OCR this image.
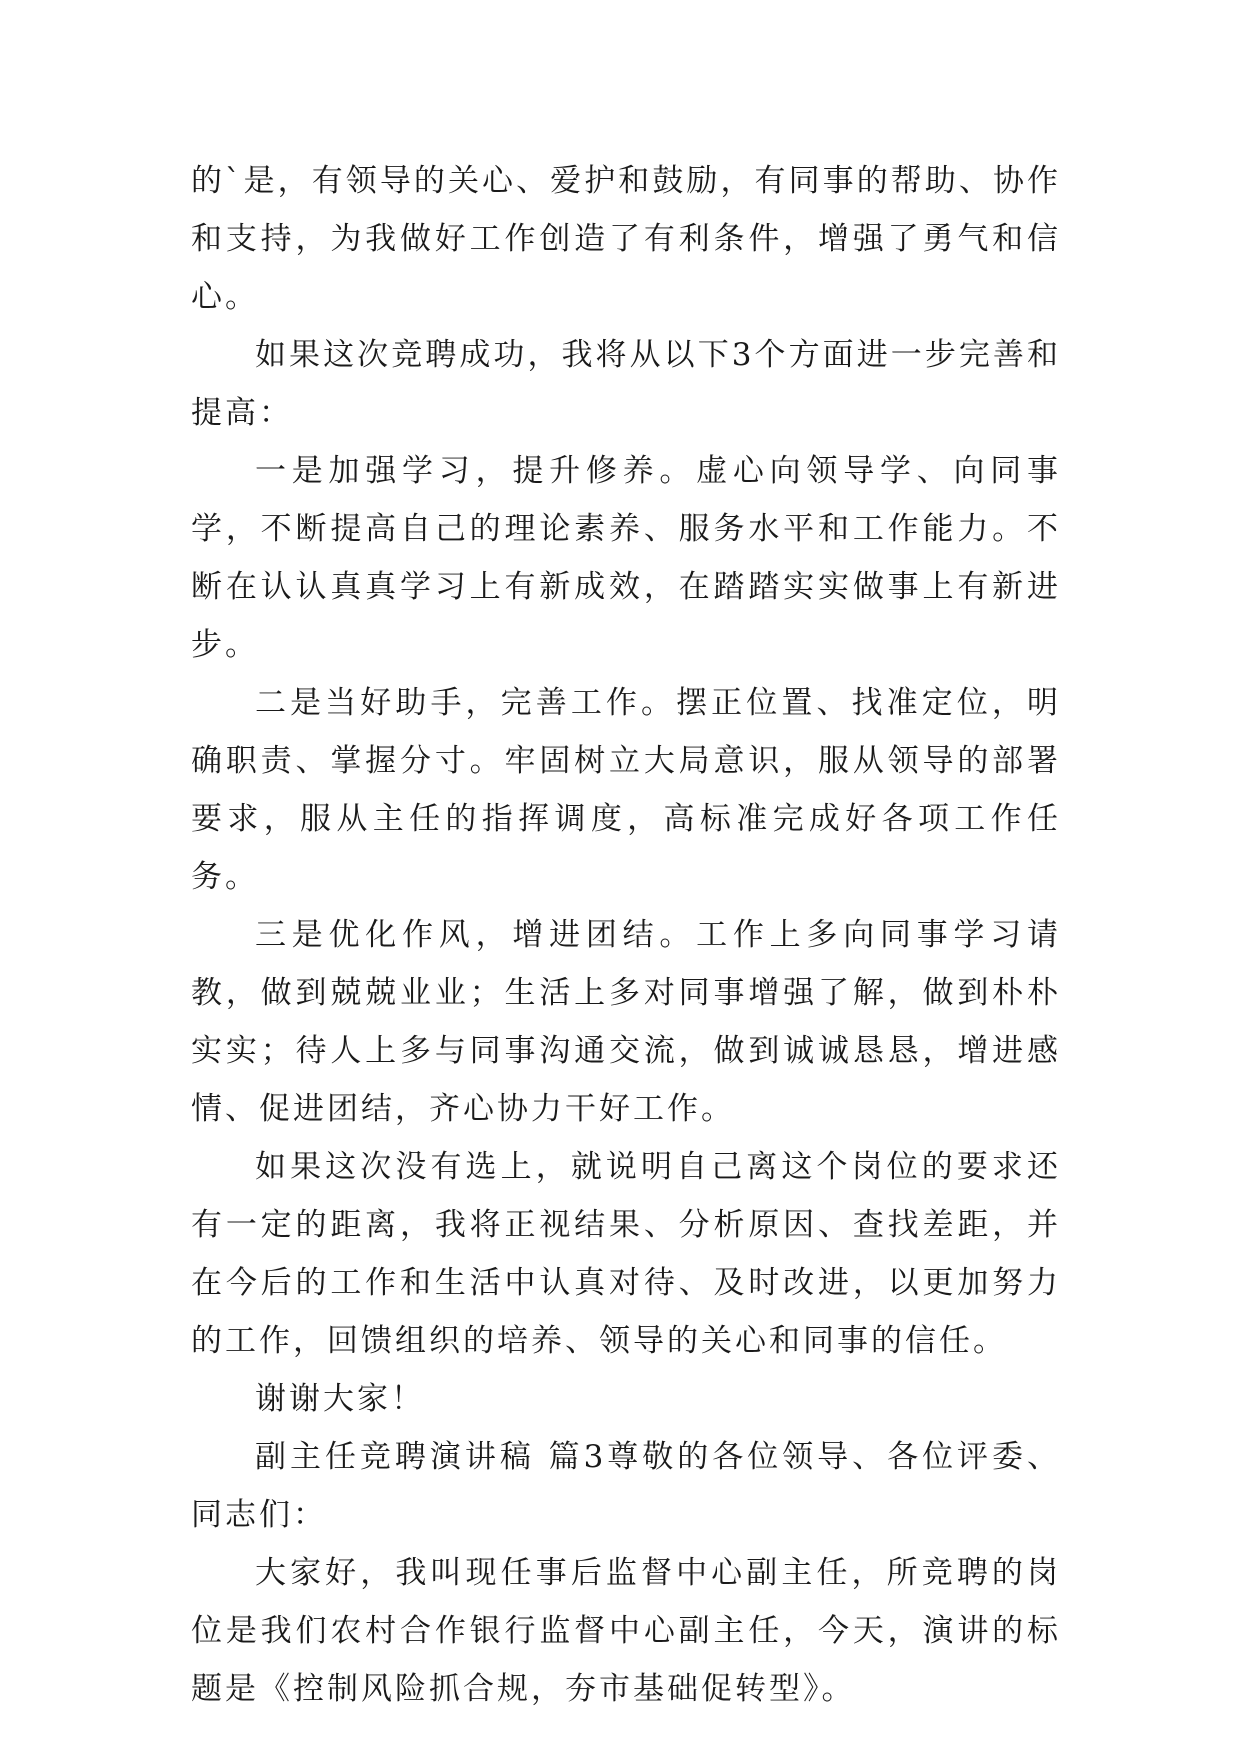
的`是，有领导的关心、爱护和鼓励，有同事的帮助、协作和支持，为我做好工作创造了有利条件，增强了勇气和信心。

如果这次竞聘成功，我将从以下3个方面进一步完善和提高：

一是加强学习，提升修养。虚心向领导学、向同事学，不断提高自己的理论素养、服务水平和工作能力。不断在认认真真学习上有新成效，在踏踏实实做事上有新进步。

二是当好助手，完善工作。摆正位置、找准定位，明确职责、掌握分寸。牢固树立大局意识，服从领导的部署要求，服从主任的指挥调度，高标准完成好各项工作任务。

三是优化作风，增进团结。工作上多向同事学习请教，做到兢兢业业；生活上多对同事增强了解，做到朴朴实实；待人上多与同事沟通交流，做到诚诚恳恳，增进感情、促进团结，齐心协力干好工作。

如果这次没有选上，就说明自己离这个岗位的要求还有一定的距离，我将正视结果、分析原因、查找差距，并在今后的工作和生活中认真对待、及时改进，以更加努力的工作，回馈组织的培养、领导的关心和同事的信任。

谢谢大家！

副主任竞聘演讲稿 篇3尊敬的各位领导、各位评委、同志们：

大家好，我叫现任事后监督中心副主任，所竞聘的岗位是我们农村合作银行监督中心副主任，今天，演讲的标题是《控制风险抓合规，夯市基础促转型》。
